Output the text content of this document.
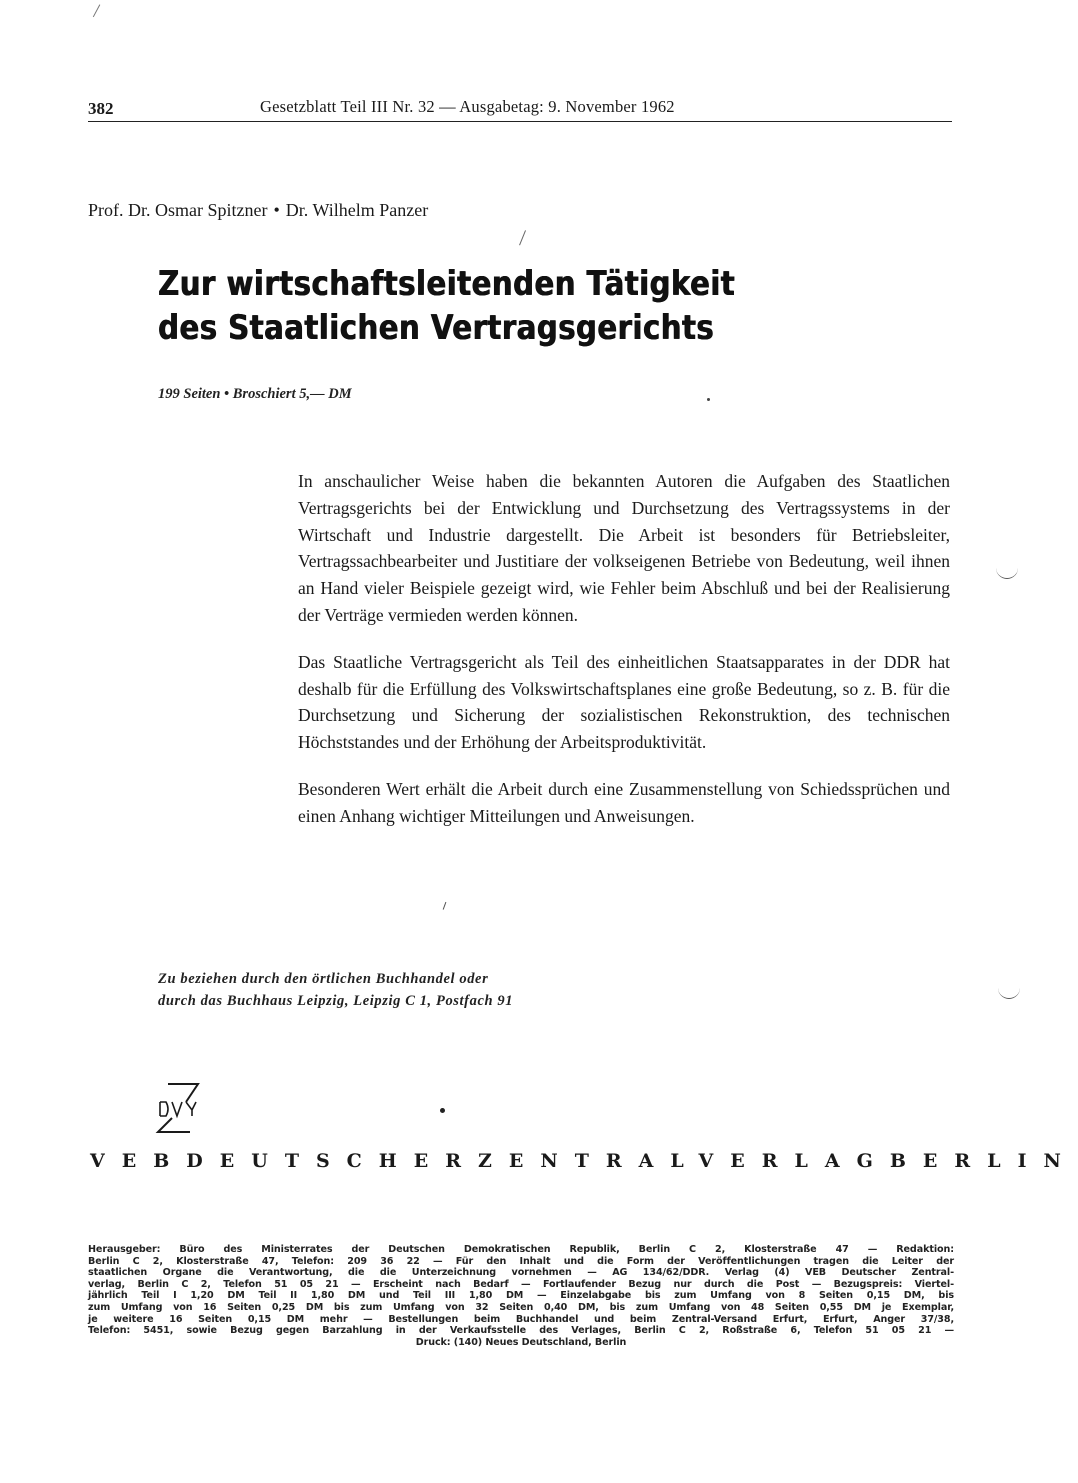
382	Gesetzblatt Teil III Nr. 32 — Ausgabetag: 9. November 1962
Prof. Dr. Osmar Spitzner • Dr. Wilhelm Panzer
Zur wirtschaftsleitenden Tätigkeit
des Staatlichen Vertragsgerichts
199 Seiten • Broschiert 5,— DM

In anschaulicher Weise haben die bekannten Autoren die Aufgaben des Staatlichen Vertragsgerichts bei der Entwicklung und Durchsetzung des Vertragssystems in der Wirtschaft und Industrie dargestellt. Die Arbeit ist besonders für Betriebsleiter, Vertragssachbearbeiter und Justitiare der volkseigenen Betriebe von Bedeutung, weil ihnen an Hand vieler Beispiele gezeigt wird, wie Fehler beim Abschluß und bei der Realisierung der Verträge vermieden werden können.

Das Staatliche Vertragsgericht als Teil des einheitlichen Staatsapparates in der DDR hat deshalb für die Erfüllung des Volkswirtschaftsplanes eine große Bedeutung, so z. B. für die Durchsetzung und Sicherung der sozialistischen Rekonstruktion, des technischen Höchststandes und der Erhöhung der Arbeitsproduktivität.

Besonderen Wert erhält die Arbeit durch eine Zusammenstellung von Schiedssprüchen und einen Anhang wichtiger Mitteilungen und Anweisungen.

Zu beziehen durch den örtlichen Buchhandel oder
durch das Buchhaus Leipzig, Leipzig C 1, Postfach 91
VEB DEUTSCHER ZENTRALVERLAG BERLIN
Herausgeber: Büro des Ministerrates der Deutschen Demokratischen Republik, Berlin C 2, Klosterstraße 47 — Redaktion:
Berlin C 2, Klosterstraße 47, Telefon: 209 36 22 — Für den Inhalt und die Form der Veröffentlichungen tragen die Leiter der
staatlichen Organe die Verantwortung, die die Unterzeichnung vornehmen — AG 134/62/DDR. Verlag (4) VEB Deutscher Zentral-
verlag, Berlin C 2, Telefon 51 05 21 — Erscheint nach Bedarf — Fortlaufender Bezug nur durch die Post — Bezugspreis: Viertel-
jährlich Teil I 1,20 DM Teil II 1,80 DM und Teil III 1,80 DM — Einzelabgabe bis zum Umfang von 8 Seiten 0,15 DM, bis
zum Umfang von 16 Seiten 0,25 DM bis zum Umfang von 32 Seiten 0,40 DM, bis zum Umfang von 48 Seiten 0,55 DM je Exemplar,
je weitere 16 Seiten 0,15 DM mehr — Bestellungen beim Buchhandel und beim Zentral-Versand Erfurt, Erfurt, Anger 37/38,
Telefon: 5451, sowie Bezug gegen Barzahlung in der Verkaufsstelle des Verlages, Berlin C 2, Roßstraße 6, Telefon 51 05 21 —
Druck: (140) Neues Deutschland, Berlin
